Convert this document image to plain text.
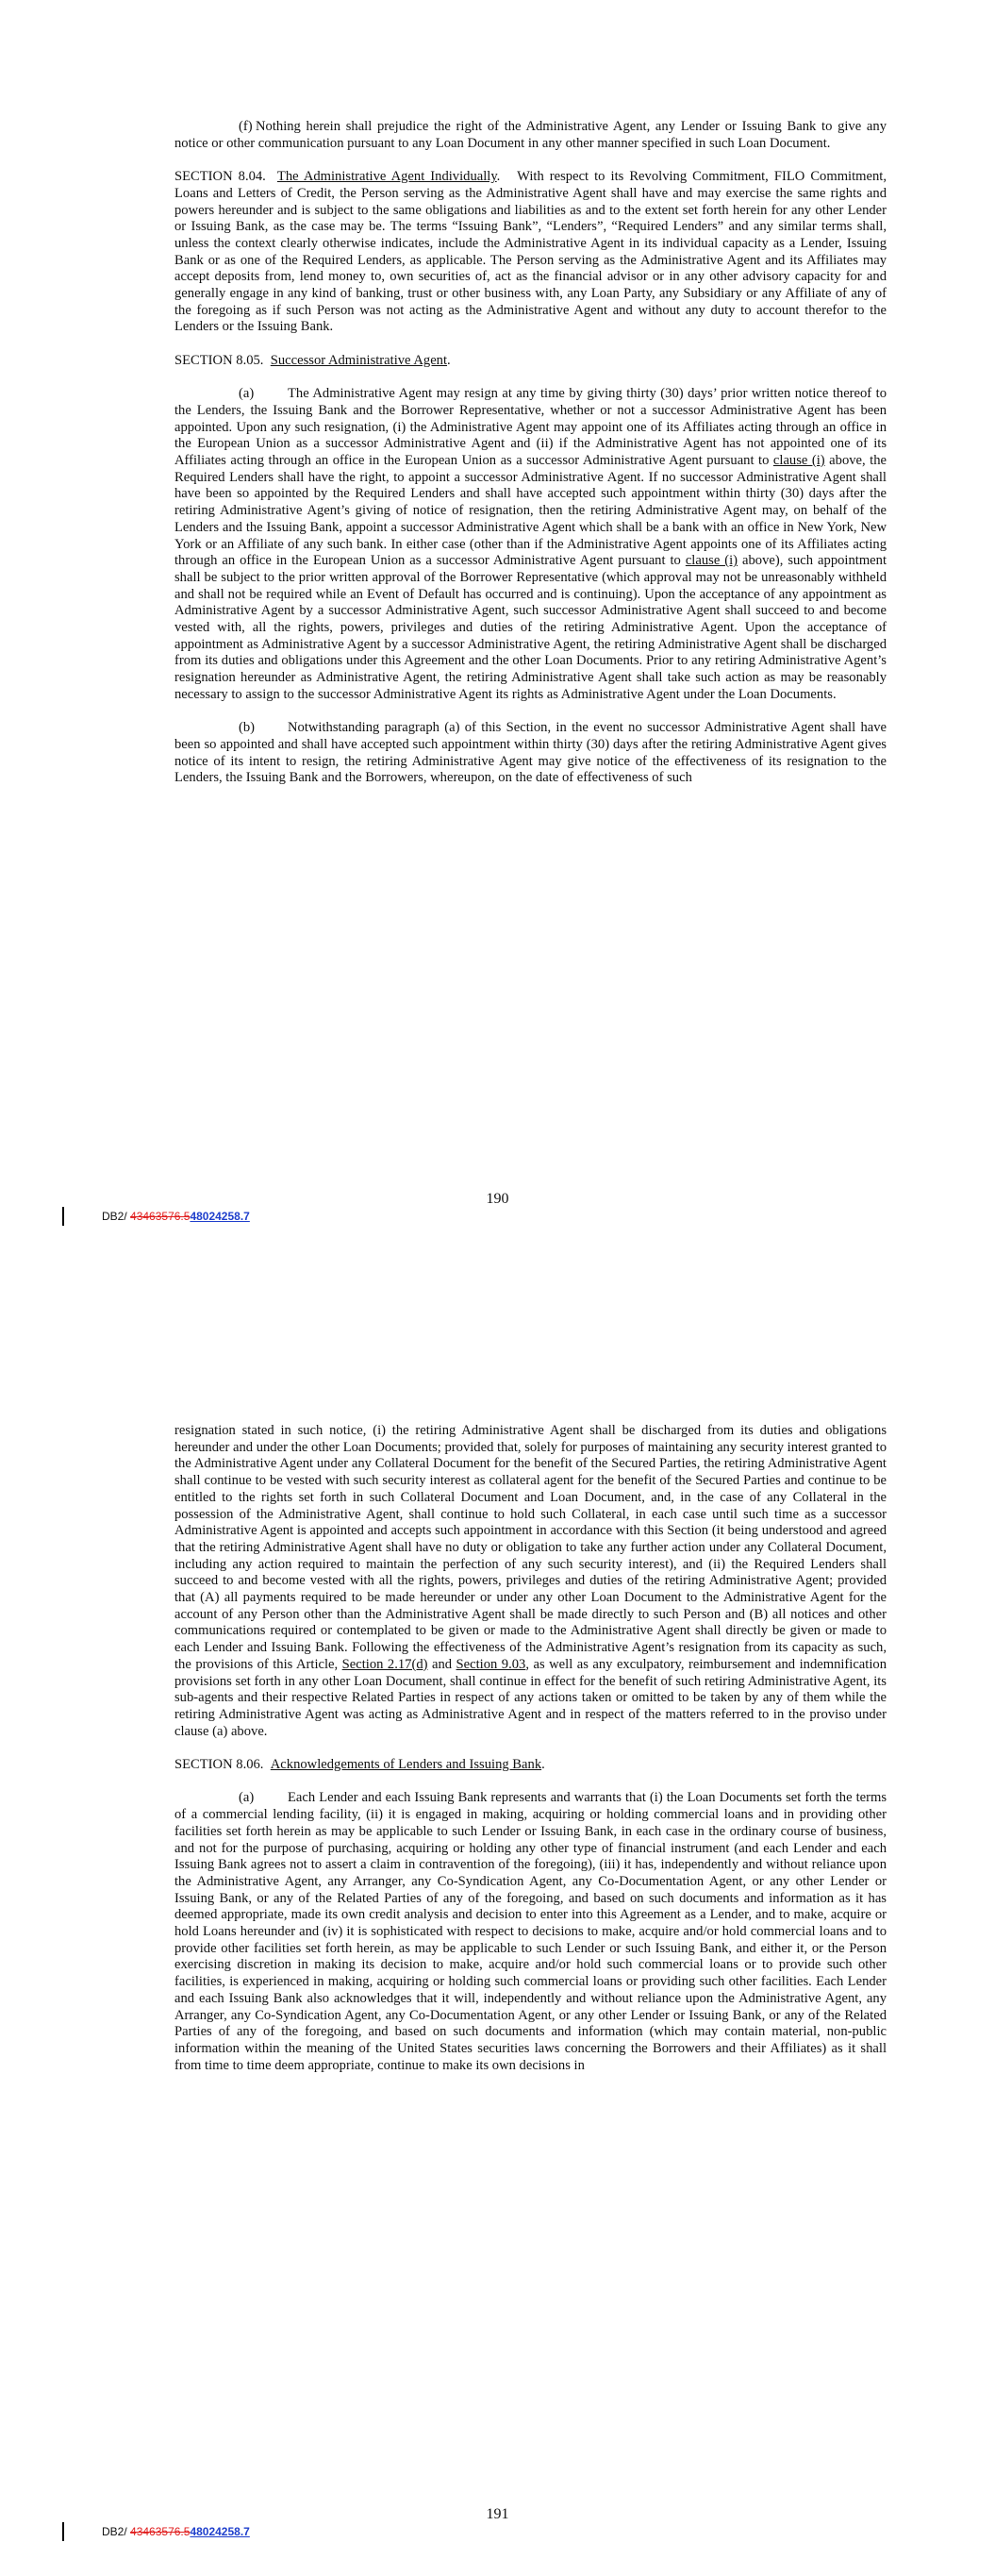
(f) Nothing herein shall prejudice the right of the Administrative Agent, any Lender or Issuing Bank to give any notice or other communication pursuant to any Loan Document in any other manner specified in such Loan Document.

SECTION 8.04. The Administrative Agent Individually.   With respect to its Revolving Commitment, FILO Commitment, Loans and Letters of Credit, the Person serving as the Administrative Agent shall have and may exercise the same rights and powers hereunder and is subject to the same obligations and liabilities as and to the extent set forth herein for any other Lender or Issuing Bank, as the case may be. The terms “Issuing Bank”, “Lenders”, “Required Lenders” and any similar terms shall, unless the context clearly otherwise indicates, include the Administrative Agent in its individual capacity as a Lender, Issuing Bank or as one of the Required Lenders, as applicable. The Person serving as the Administrative Agent and its Affiliates may accept deposits from, lend money to, own securities of, act as the financial advisor or in any other advisory capacity for and generally engage in any kind of banking, trust or other business with, any Loan Party, any Subsidiary or any Affiliate of any of the foregoing as if such Person was not acting as the Administrative Agent and without any duty to account therefor to the Lenders or the Issuing Bank.

SECTION 8.05. Successor Administrative Agent.

(a) The Administrative Agent may resign at any time by giving thirty (30) days’ prior written notice thereof to the Lenders, the Issuing Bank and the Borrower Representative, whether or not a successor Administrative Agent has been appointed. Upon any such resignation, (i) the Administrative Agent may appoint one of its Affiliates acting through an office in the European Union as a successor Administrative Agent and (ii) if the Administrative Agent has not appointed one of its Affiliates acting through an office in the European Union as a successor Administrative Agent pursuant to clause (i) above, the Required Lenders shall have the right, to appoint a successor Administrative Agent. If no successor Administrative Agent shall have been so appointed by the Required Lenders and shall have accepted such appointment within thirty (30) days after the retiring Administrative Agent’s giving of notice of resignation, then the retiring Administrative Agent may, on behalf of the Lenders and the Issuing Bank, appoint a successor Administrative Agent which shall be a bank with an office in New York, New York or an Affiliate of any such bank. In either case (other than if the Administrative Agent appoints one of its Affiliates acting through an office in the European Union as a successor Administrative Agent pursuant to clause (i) above), such appointment shall be subject to the prior written approval of the Borrower Representative (which approval may not be unreasonably withheld and shall not be required while an Event of Default has occurred and is continuing). Upon the acceptance of any appointment as Administrative Agent by a successor Administrative Agent, such successor Administrative Agent shall succeed to and become vested with, all the rights, powers, privileges and duties of the retiring Administrative Agent. Upon the acceptance of appointment as Administrative Agent by a successor Administrative Agent, the retiring Administrative Agent shall be discharged from its duties and obligations under this Agreement and the other Loan Documents. Prior to any retiring Administrative Agent’s resignation hereunder as Administrative Agent, the retiring Administrative Agent shall take such action as may be reasonably necessary to assign to the successor Administrative Agent its rights as Administrative Agent under the Loan Documents.

(b) Notwithstanding paragraph (a) of this Section, in the event no successor Administrative Agent shall have been so appointed and shall have accepted such appointment within thirty (30) days after the retiring Administrative Agent gives notice of its intent to resign, the retiring Administrative Agent may give notice of the effectiveness of its resignation to the Lenders, the Issuing Bank and the Borrowers, whereupon, on the date of effectiveness of such

190
DB2/
43463576.5 48024258.7

resignation stated in such notice, (i) the retiring Administrative Agent shall be discharged from its duties and obligations hereunder and under the other Loan Documents; provided that, solely for purposes of maintaining any security interest granted to the Administrative Agent under any Collateral Document for the benefit of the Secured Parties, the retiring Administrative Agent shall continue to be vested with such security interest as collateral agent for the benefit of the Secured Parties and continue to be entitled to the rights set forth in such Collateral Document and Loan Document, and, in the case of any Collateral in the possession of the Administrative Agent, shall continue to hold such Collateral, in each case until such time as a successor Administrative Agent is appointed and accepts such appointment in accordance with this Section (it being understood and agreed that the retiring Administrative Agent shall have no duty or obligation to take any further action under any Collateral Document, including any action required to maintain the perfection of any such security interest), and (ii) the Required Lenders shall succeed to and become vested with all the rights, powers, privileges and duties of the retiring Administrative Agent; provided that (A) all payments required to be made hereunder or under any other Loan Document to the Administrative Agent for the account of any Person other than the Administrative Agent shall be made directly to such Person and (B) all notices and other communications required or contemplated to be given or made to the Administrative Agent shall directly be given or made to each Lender and Issuing Bank. Following the effectiveness of the Administrative Agent’s resignation from its capacity as such, the provisions of this Article, Section 2.17(d) and Section 9.03, as well as any exculpatory, reimbursement and indemnification provisions set forth in any other Loan Document, shall continue in effect for the benefit of such retiring Administrative Agent, its sub-agents and their respective Related Parties in respect of any actions taken or omitted to be taken by any of them while the retiring Administrative Agent was acting as Administrative Agent and in respect of the matters referred to in the proviso under clause (a) above.

SECTION 8.06. Acknowledgements of Lenders and Issuing Bank.

(a) Each Lender and each Issuing Bank represents and warrants that (i) the Loan Documents set forth the terms of a commercial lending facility, (ii) it is engaged in making, acquiring or holding commercial loans and in providing other facilities set forth herein as may be applicable to such Lender or Issuing Bank, in each case in the ordinary course of business, and not for the purpose of purchasing, acquiring or holding any other type of financial instrument (and each Lender and each Issuing Bank agrees not to assert a claim in contravention of the foregoing), (iii) it has, independently and without reliance upon the Administrative Agent, any Arranger, any Co-Syndication Agent, any Co-Documentation Agent, or any other Lender or Issuing Bank, or any of the Related Parties of any of the foregoing, and based on such documents and information as it has deemed appropriate, made its own credit analysis and decision to enter into this Agreement as a Lender, and to make, acquire or hold Loans hereunder and (iv) it is sophisticated with respect to decisions to make, acquire and/or hold commercial loans and to provide other facilities set forth herein, as may be applicable to such Lender or such Issuing Bank, and either it, or the Person exercising discretion in making its decision to make, acquire and/or hold such commercial loans or to provide such other facilities, is experienced in making, acquiring or holding such commercial loans or providing such other facilities. Each Lender and each Issuing Bank also acknowledges that it will, independently and without reliance upon the Administrative Agent, any Arranger, any Co-Syndication Agent, any Co-Documentation Agent, or any other Lender or Issuing Bank, or any of the Related Parties of any of the foregoing, and based on such documents and information (which may contain material, non-public information within the meaning of the United States securities laws concerning the Borrowers and their Affiliates) as it shall from time to time deem appropriate, continue to make its own decisions in

191
DB2/
43463576.5 48024258.7
